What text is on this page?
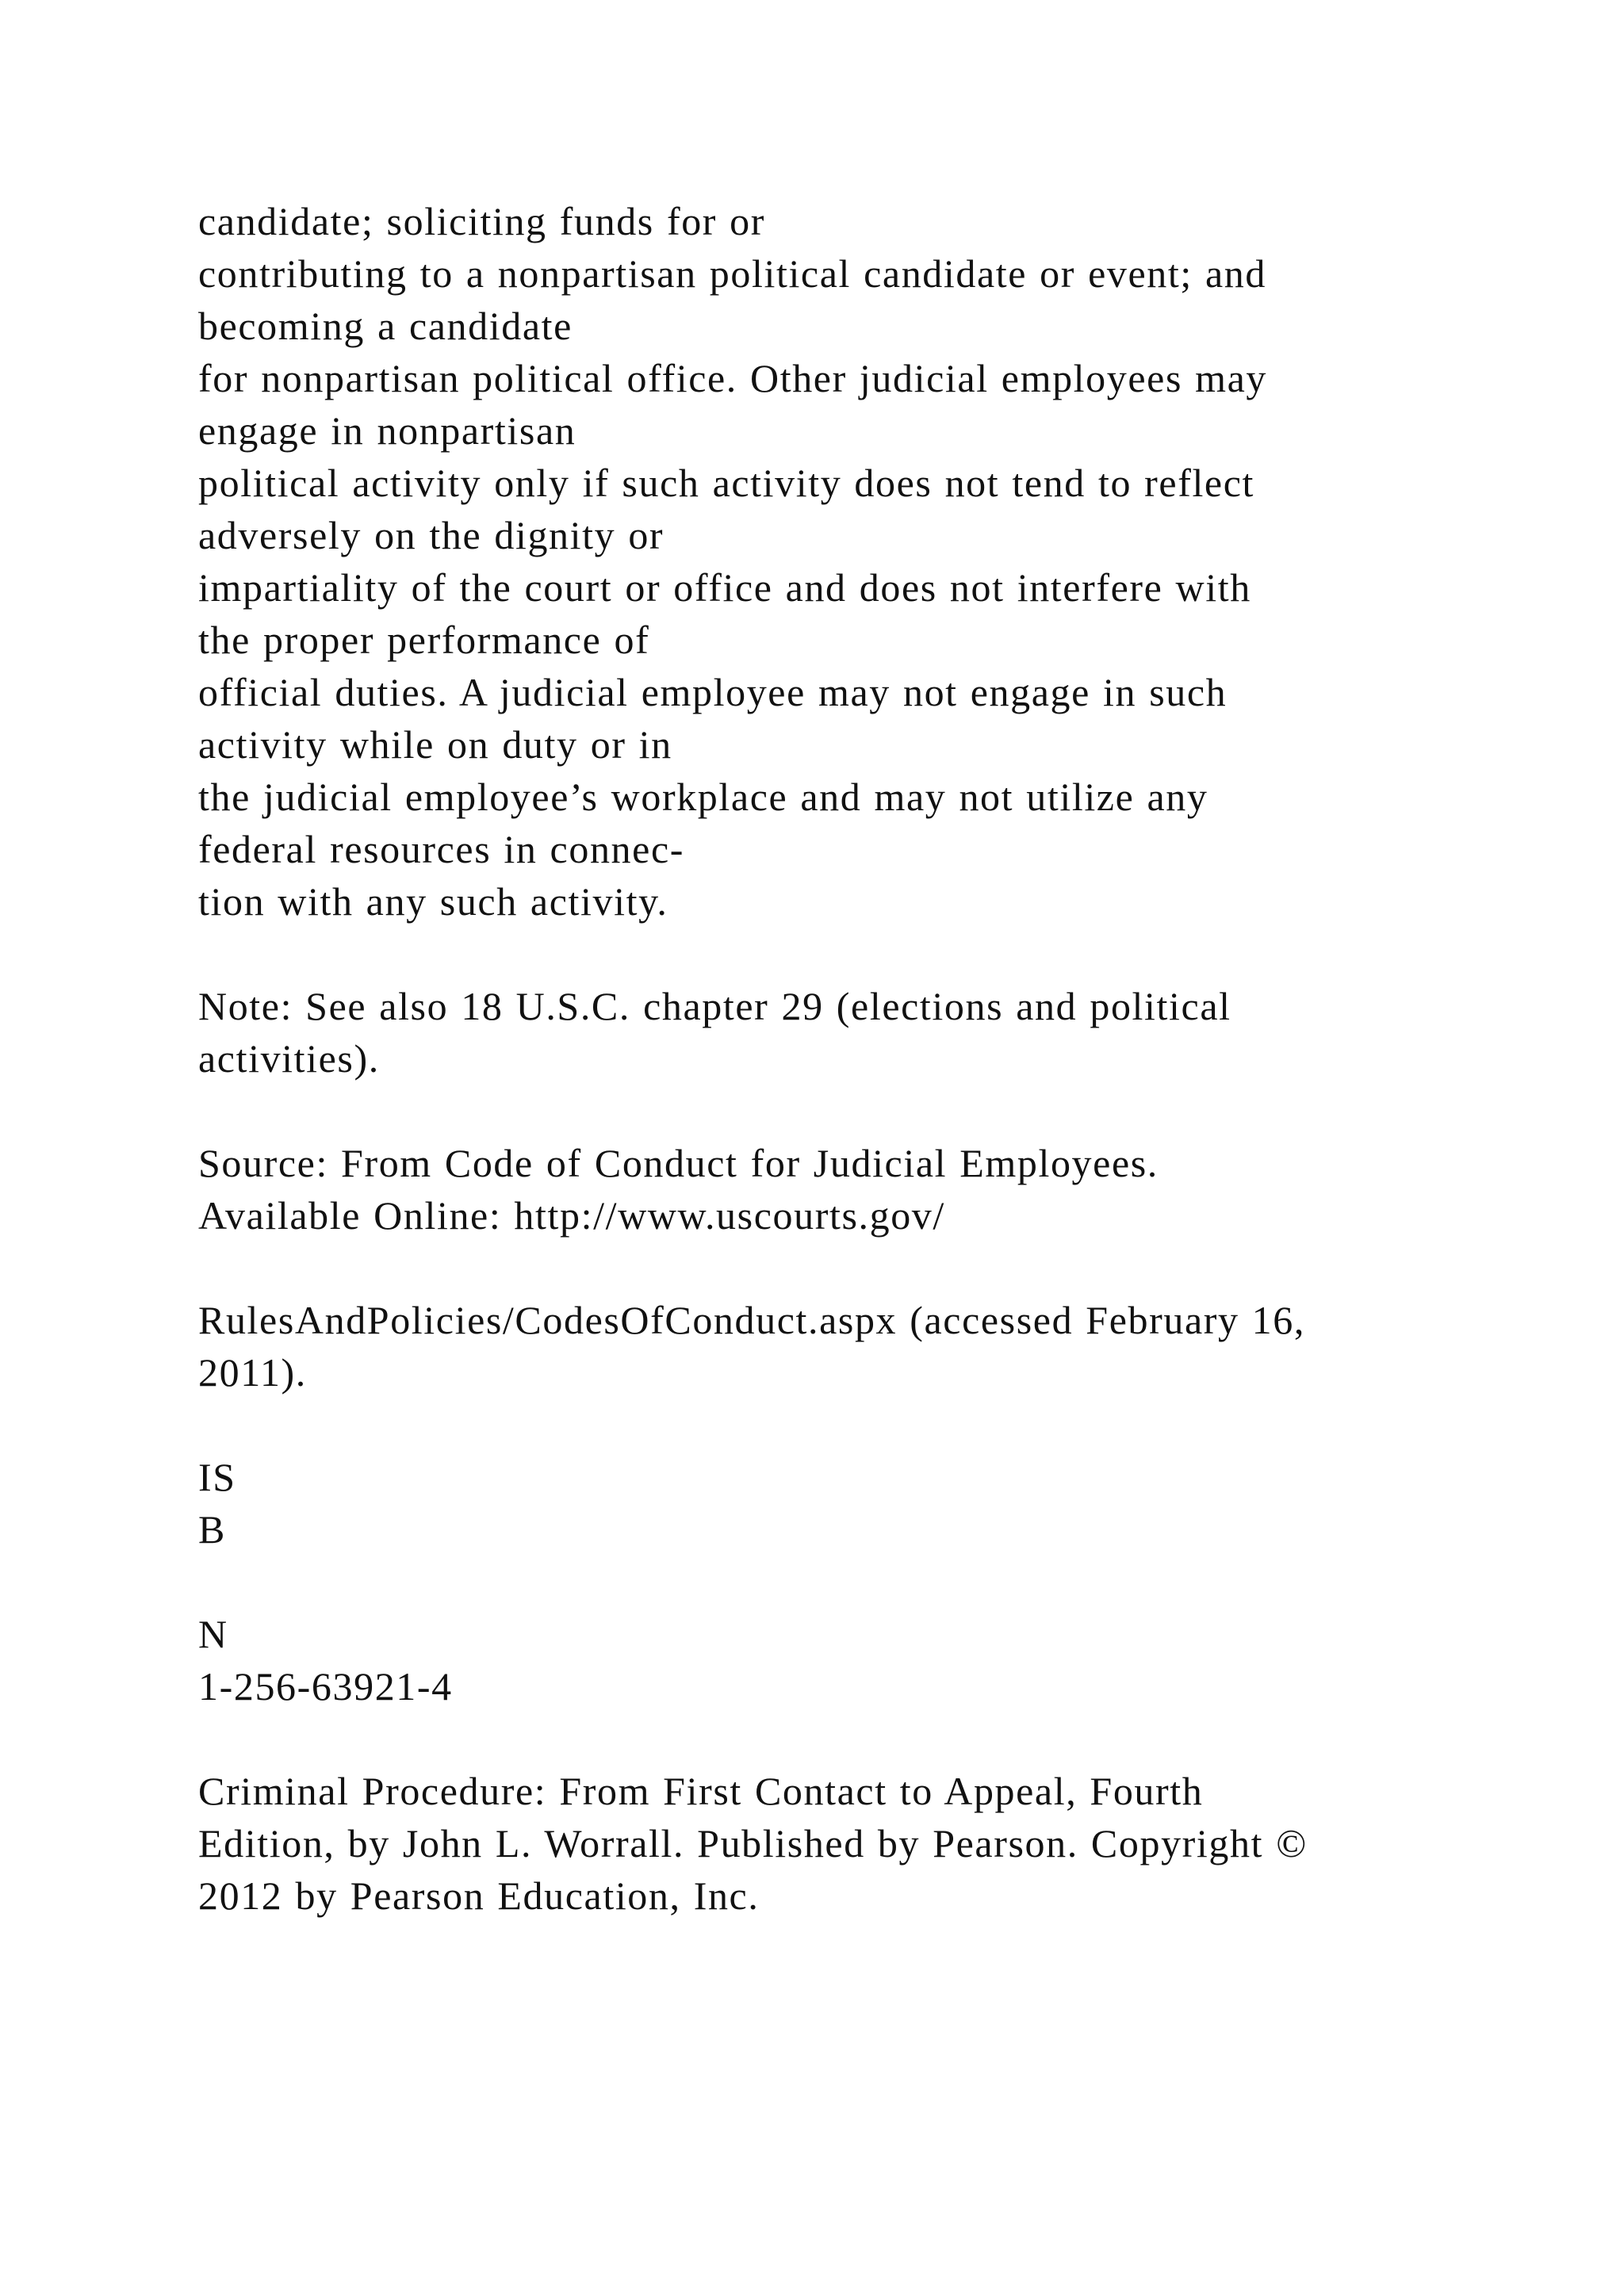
candidate; soliciting funds for or
contributing to a nonpartisan political candidate or event; and
becoming a candidate
for nonpartisan political office. Other judicial employees may
engage in nonpartisan
political activity only if such activity does not tend to reflect
adversely on the dignity or
impartiality of the court or office and does not interfere with
the proper performance of
official duties. A judicial employee may not engage in such
activity while on duty or in
the judicial employee’s workplace and may not utilize any
federal resources in connec-
tion with any such activity.
Note: See also 18 U.S.C. chapter 29 (elections and political
activities).
Source: From Code of Conduct for Judicial Employees.
Available Online: http://www.uscourts.gov/
RulesAndPolicies/CodesOfConduct.aspx (accessed February 16,
2011).
IS
B
N
1-256-63921-4
Criminal Procedure: From First Contact to Appeal, Fourth
Edition, by John L. Worrall. Published by Pearson. Copyright ©
2012 by Pearson Education, Inc.
